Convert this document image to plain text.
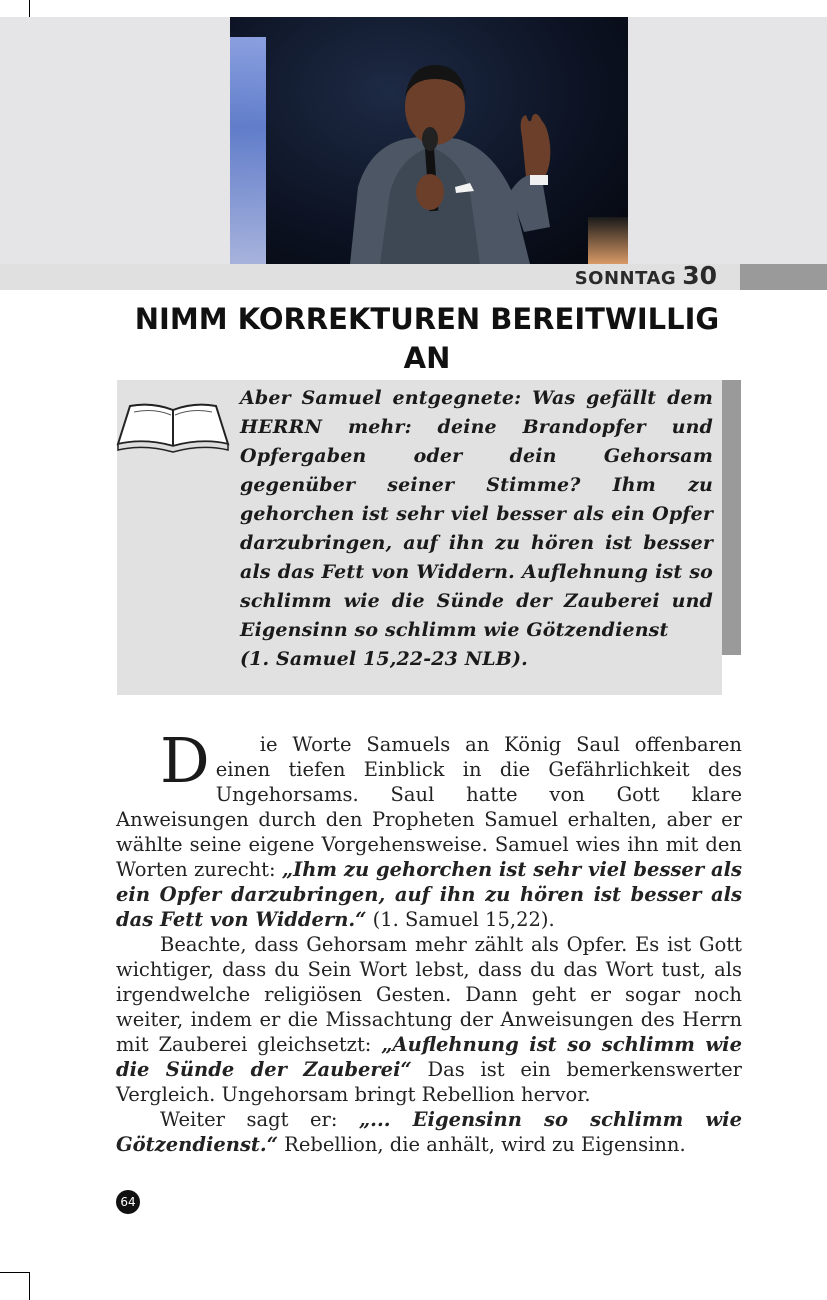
SONNTAG 30
NIMM KORREKTUREN BEREITWILLIG
AN

Aber Samuel entgegnete: Was gefällt dem HERRN mehr: deine Brandopfer und Opfergaben oder dein Gehorsam gegenüber seiner Stimme? Ihm zu gehorchen ist sehr viel besser als ein Opfer darzubringen, auf ihn zu hören ist besser als das Fett von Widdern. Auflehnung ist so schlimm wie die Sünde der Zauberei und Eigensinn so schlimm wie Götzendienst
(1. Samuel 15,22-23 NLB).

D	ie Worte Samuels an König Saul offenbaren einen tiefen Einblick in die Gefährlichkeit des Ungehorsams. Saul hatte von Gott klare Anweisungen durch den Propheten Samuel erhalten, aber er wählte seine eigene Vorgehensweise. Samuel wies ihn mit den Worten zurecht: „Ihm zu gehorchen ist sehr viel besser als ein Opfer darzubringen, auf ihn zu hören ist besser als das Fett von Widdern.“ (1. Samuel 15,22).

Beachte, dass Gehorsam mehr zählt als Opfer. Es ist Gott wichtiger, dass du Sein Wort lebst, dass du das Wort tust, als irgendwelche religiösen Gesten. Dann geht er sogar noch weiter, indem er die Missachtung der Anweisungen des Herrn mit Zauberei gleichsetzt: „Auflehnung ist so schlimm wie die Sünde der Zauberei“ Das ist ein bemerkenswerter Vergleich. Ungehorsam bringt Rebellion hervor.

Weiter sagt er: „... Eigensinn so schlimm wie Götzendienst.“ Rebellion, die anhält, wird zu Eigensinn.

64
